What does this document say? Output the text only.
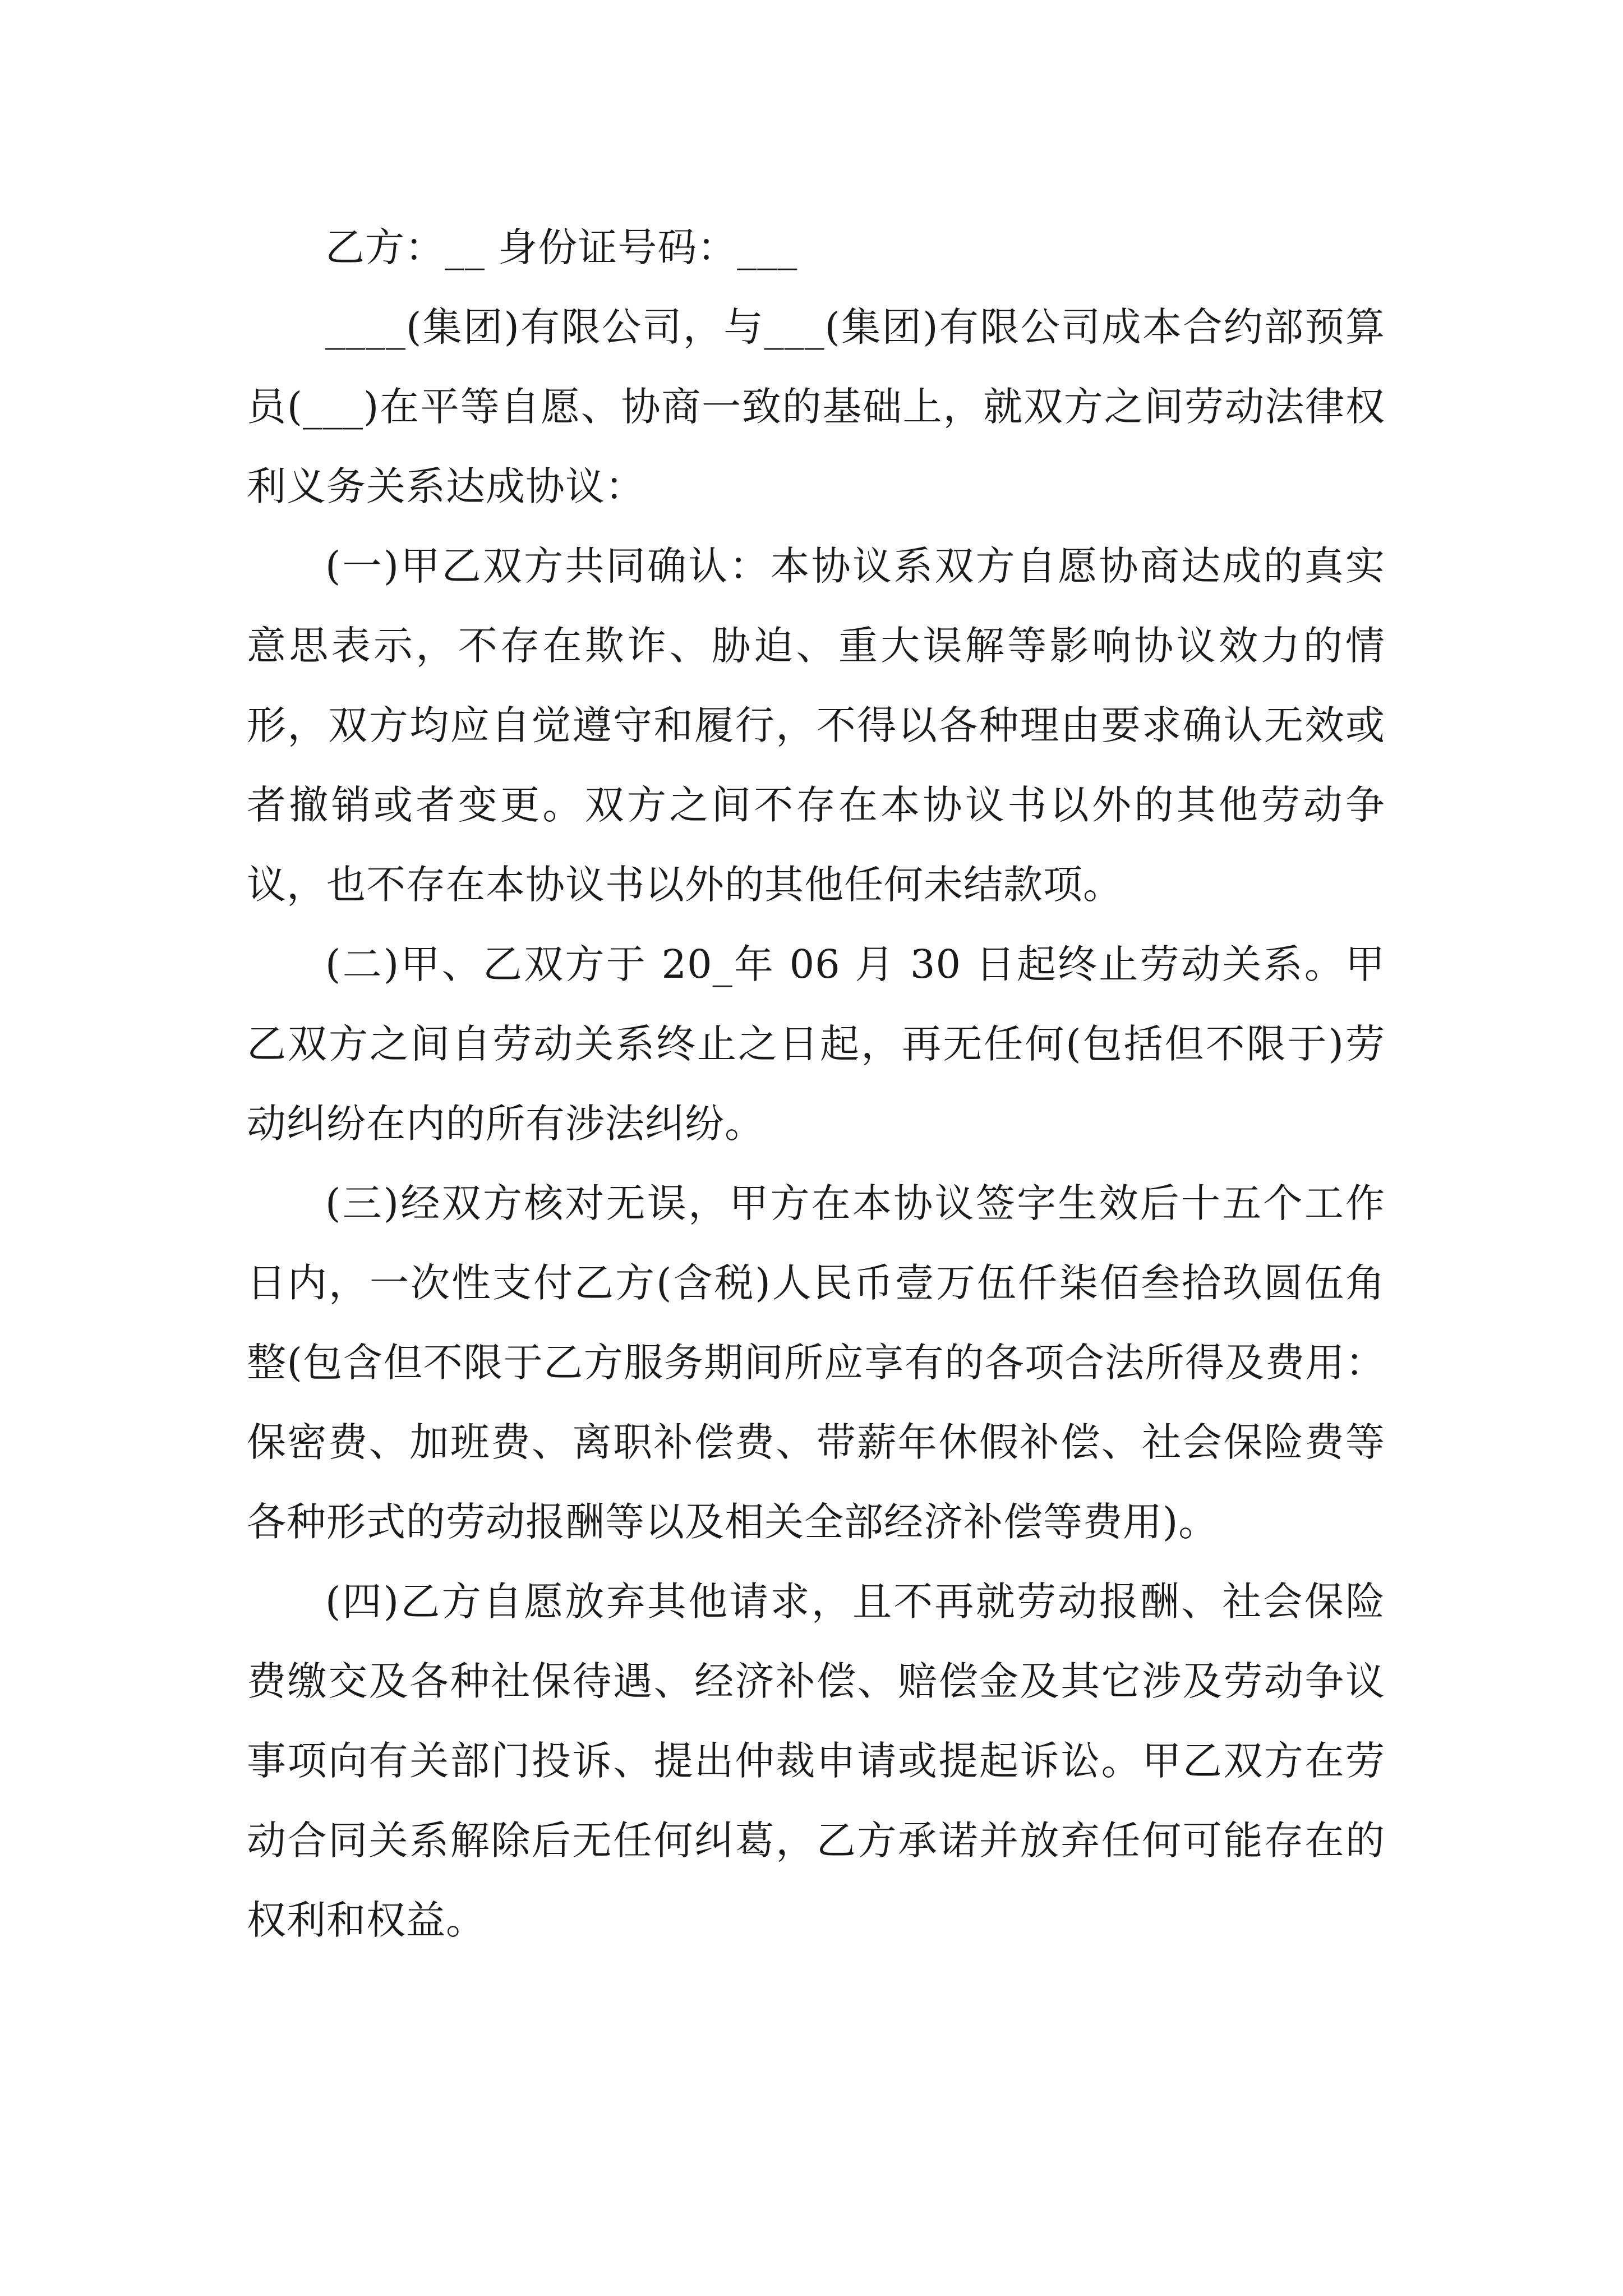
乙方：__ 身份证号码：___

____(集团)有限公司，与___(集团)有限公司成本合约部预算员(___)在平等自愿、协商一致的基础上，就双方之间劳动法律权利义务关系达成协议：

(一)甲乙双方共同确认：本协议系双方自愿协商达成的真实意思表示，不存在欺诈、胁迫、重大误解等影响协议效力的情形，双方均应自觉遵守和履行，不得以各种理由要求确认无效或者撤销或者变更。双方之间不存在本协议书以外的其他劳动争议，也不存在本协议书以外的其他任何未结款项。

(二)甲、乙双方于 20_年 06 月 30 日起终止劳动关系。甲乙双方之间自劳动关系终止之日起，再无任何(包括但不限于)劳动纠纷在内的所有涉法纠纷。

(三)经双方核对无误，甲方在本协议签字生效后十五个工作日内，一次性支付乙方(含税)人民币壹万伍仟柒佰叁拾玖圆伍角整(包含但不限于乙方服务期间所应享有的各项合法所得及费用：保密费、加班费、离职补偿费、带薪年休假补偿、社会保险费等各种形式的劳动报酬等以及相关全部经济补偿等费用)。

(四)乙方自愿放弃其他请求，且不再就劳动报酬、社会保险费缴交及各种社保待遇、经济补偿、赔偿金及其它涉及劳动争议事项向有关部门投诉、提出仲裁申请或提起诉讼。甲乙双方在劳动合同关系解除后无任何纠葛，乙方承诺并放弃任何可能存在的权利和权益。
